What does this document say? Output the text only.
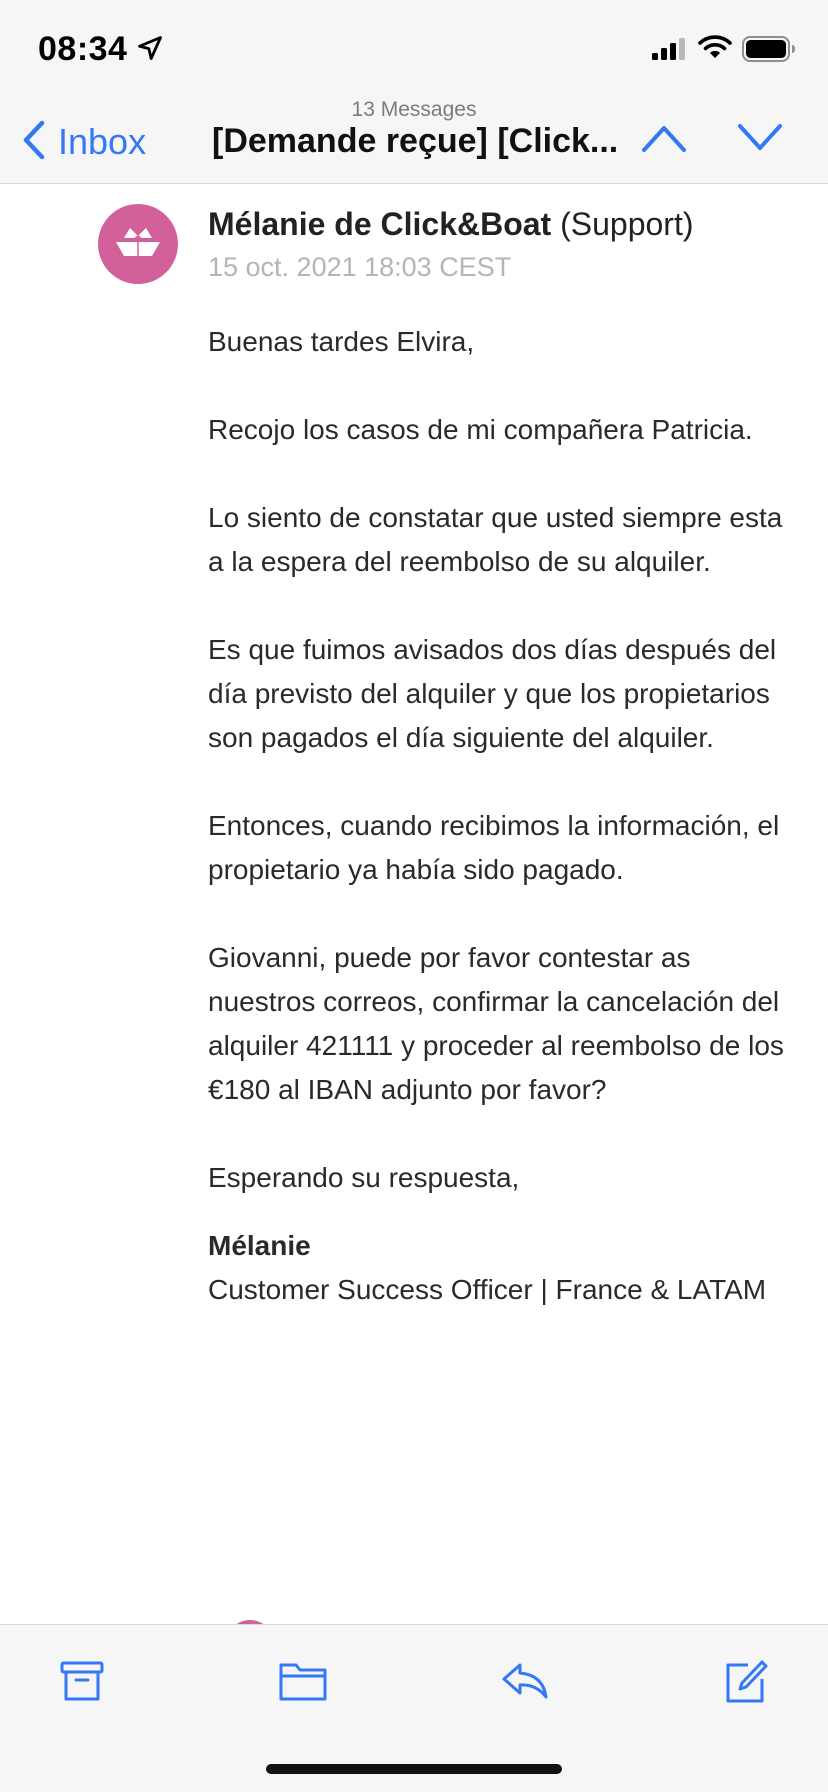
08:34
13 Messages
Inbox [Demande reçue] [Click...
Mélanie de Click&Boat (Support)
15 oct. 2021 18:03 CEST

Buenas tardes Elvira,

Recojo los casos de mi compañera Patricia.

Lo siento de constatar que usted siempre esta a la espera del reembolso de su alquiler.

Es que fuimos avisados dos días después del día previsto del alquiler y que los propietarios son pagados el día siguiente del alquiler.

Entonces, cuando recibimos la información, el propietario ya había sido pagado.

Giovanni, puede por favor contestar as nuestros correos, confirmar la cancelación del alquiler 421111 y proceder al reembolso de los €180 al IBAN adjunto por favor?

Esperando su respuesta,

Mélanie

Customer Success Officer | France & LATAM
